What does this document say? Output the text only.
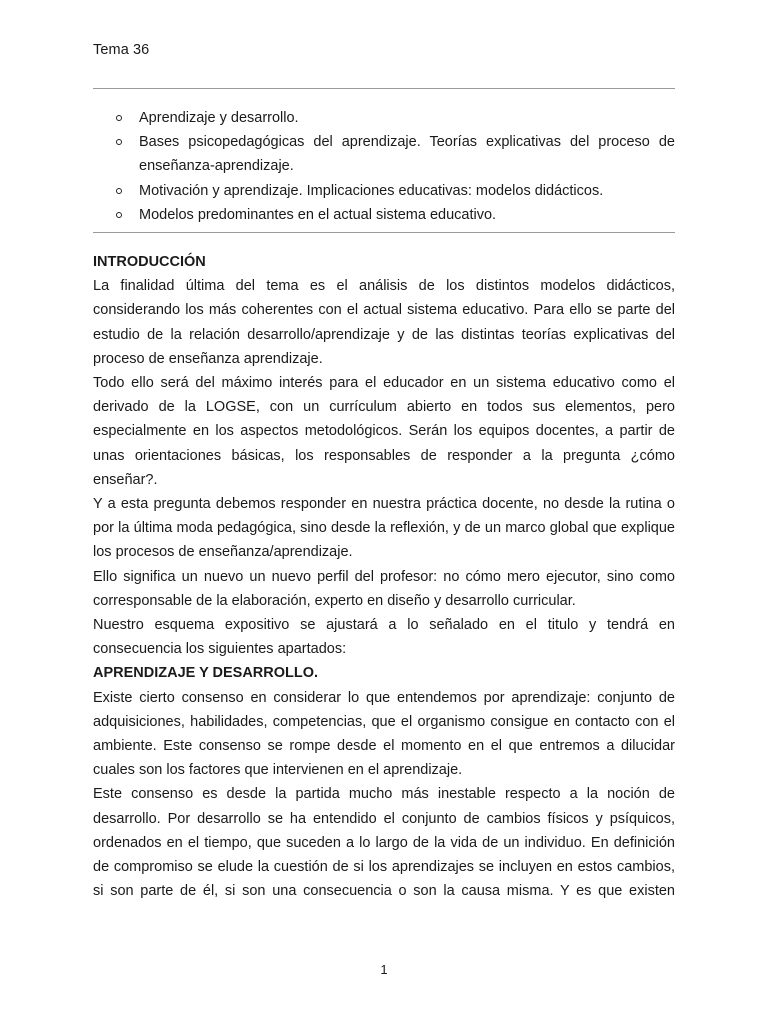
Tema 36
Aprendizaje y desarrollo.
Bases psicopedagógicas del aprendizaje. Teorías explicativas del proceso de enseñanza-aprendizaje.
Motivación y aprendizaje. Implicaciones educativas: modelos didácticos.
Modelos predominantes en el actual sistema educativo.
INTRODUCCIÓN

La finalidad última del tema es el análisis de los distintos modelos didácticos, considerando los más coherentes con el actual sistema educativo. Para ello se parte del estudio de la relación desarrollo/aprendizaje y de las distintas teorías explicativas del proceso de enseñanza aprendizaje.

Todo ello será del máximo interés para el educador en un sistema educativo como el derivado de la LOGSE, con un currículum abierto en todos sus elementos, pero especialmente en los aspectos metodológicos. Serán los equipos docentes, a partir de unas orientaciones básicas, los responsables de responder a la pregunta ¿cómo enseñar?.

Y a esta pregunta debemos responder en nuestra práctica docente, no desde la rutina o por la última moda pedagógica, sino desde la reflexión, y de un marco global que explique los procesos de enseñanza/aprendizaje.

Ello significa un nuevo un nuevo perfil del profesor: no cómo mero ejecutor, sino como corresponsable de la elaboración, experto en diseño y desarrollo curricular.

Nuestro esquema expositivo se ajustará a lo señalado en el titulo y tendrá en consecuencia los siguientes apartados:

APRENDIZAJE Y DESARROLLO.

Existe cierto consenso en considerar lo que entendemos por aprendizaje: conjunto de adquisiciones, habilidades, competencias, que el organismo consigue en contacto con el ambiente. Este consenso se rompe desde el momento en el que entremos a dilucidar cuales son los factores que intervienen en el aprendizaje.

Este consenso es desde la partida mucho más inestable respecto a la noción de desarrollo. Por desarrollo se ha entendido el conjunto de cambios físicos y psíquicos, ordenados en el tiempo, que suceden a lo largo de la vida de un individuo. En definición de compromiso se elude la cuestión de si los aprendizajes se incluyen en estos cambios, si son parte de él, si son una consecuencia o son la causa misma. Y es que existen

1
